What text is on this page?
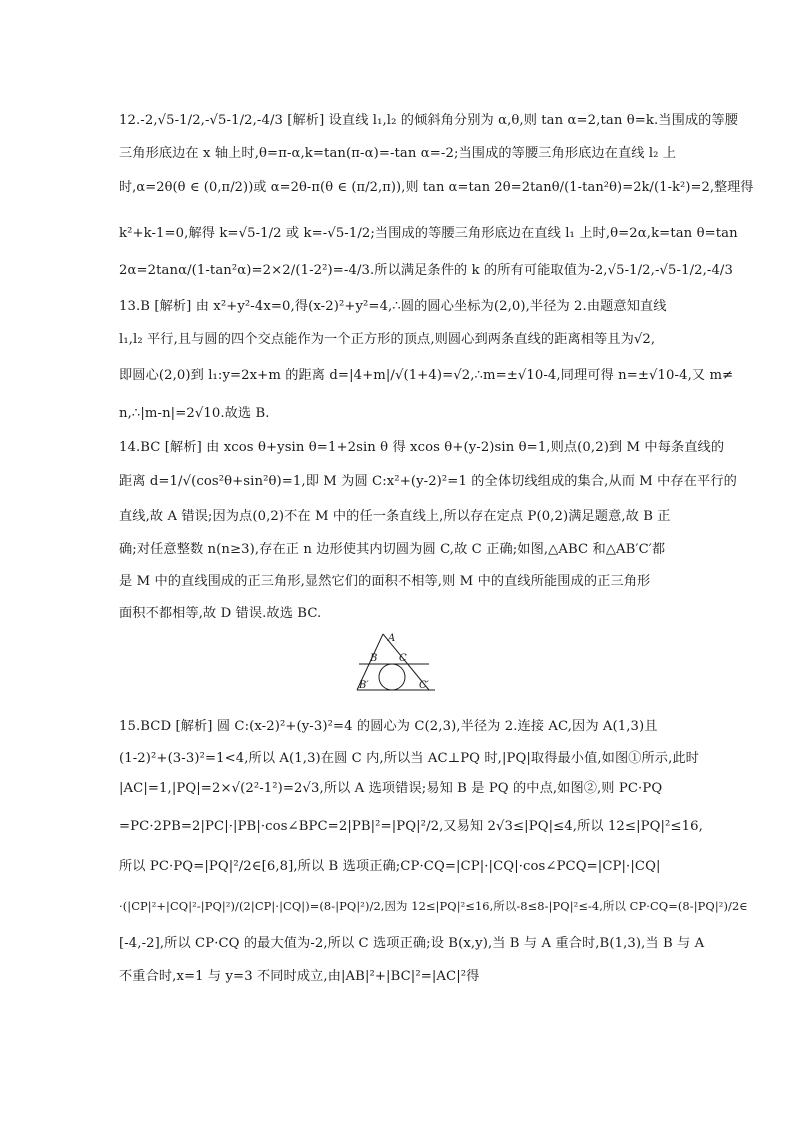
12.-2,√5-1/2,-√5-1/2,-4/3 [解析] 设直线 l₁,l₂ 的倾斜角分别为 α,θ,则 tan α=2,tan θ=k.当围成的等腰
三角形底边在 x 轴上时,θ=π-α,k=tan(π-α)=-tan α=-2;当围成的等腰三角形底边在直线 l₂ 上
时,α=2θ(θ ∈ (0,π/2))或 α=2θ-π(θ ∈ (π/2,π)),则 tan α=tan 2θ=2tanθ/(1-tan²θ)=2k/(1-k²)=2,整理得
k²+k-1=0,解得 k=√5-1/2 或 k=-√5-1/2;当围成的等腰三角形底边在直线 l₁ 上时,θ=2α,k=tan θ=tan
2α=2tanα/(1-tan²α)=2×2/(1-2²)=-4/3.所以满足条件的 k 的所有可能取值为-2,√5-1/2,-√5-1/2,-4/3
13.B [解析] 由 x²+y²-4x=0,得(x-2)²+y²=4,∴圆的圆心坐标为(2,0),半径为 2.由题意知直线
l₁,l₂ 平行,且与圆的四个交点能作为一个正方形的顶点,则圆心到两条直线的距离相等且为√2,
即圆心(2,0)到 l₁:y=2x+m 的距离 d=|4+m|/√(1+4)=√2,∴m=±√10-4,同理可得 n=±√10-4,又 m≠
n,∴|m-n|=2√10.故选 B.
14.BC [解析] 由 xcos θ+ysin θ=1+2sin θ 得 xcos θ+(y-2)sin θ=1,则点(0,2)到 M 中每条直线的
距离 d=1/√(cos²θ+sin²θ)=1,即 M 为圆 C:x²+(y-2)²=1 的全体切线组成的集合,从而 M 中存在平行的
直线,故 A 错误;因为点(0,2)不在 M 中的任一条直线上,所以存在定点 P(0,2)满足题意,故 B 正
确;对任意整数 n(n≥3),存在正 n 边形使其内切圆为圆 C,故 C 正确;如图,△ABC 和△AB′C′都
是 M 中的直线围成的正三角形,显然它们的面积不相等,则 M 中的直线所能围成的正三角形
面积不都相等,故 D 错误.故选 BC.
A
B C
B′	C′
15.BCD [解析] 圆 C:(x-2)²+(y-3)²=4 的圆心为 C(2,3),半径为 2.连接 AC,因为 A(1,3)且
(1-2)²+(3-3)²=1<4,所以 A(1,3)在圆 C 内,所以当 AC⊥PQ 时,|PQ|取得最小值,如图①所示,此时
|AC|=1,|PQ|=2×√(2²-1²)=2√3,所以 A 选项错误;易知 B 是 PQ 的中点,如图②,则 PC·PQ
=PC·2PB=2|PC|·|PB|·cos∠BPC=2|PB|²=|PQ|²/2,又易知 2√3≤|PQ|≤4,所以 12≤|PQ|²≤16,
所以 PC·PQ=|PQ|²/2∈[6,8],所以 B 选项正确;CP·CQ=|CP|·|CQ|·cos∠PCQ=|CP|·|CQ|
·(|CP|²+|CQ|²-|PQ|²)/(2|CP|·|CQ|)=(8-|PQ|²)/2,因为 12≤|PQ|²≤16,所以-8≤8-|PQ|²≤-4,所以 CP·CQ=(8-|PQ|²)/2∈
[-4,-2],所以 CP·CQ 的最大值为-2,所以 C 选项正确;设 B(x,y),当 B 与 A 重合时,B(1,3),当 B 与 A
不重合时,x=1 与 y=3 不同时成立,由|AB|²+|BC|²=|AC|²得
